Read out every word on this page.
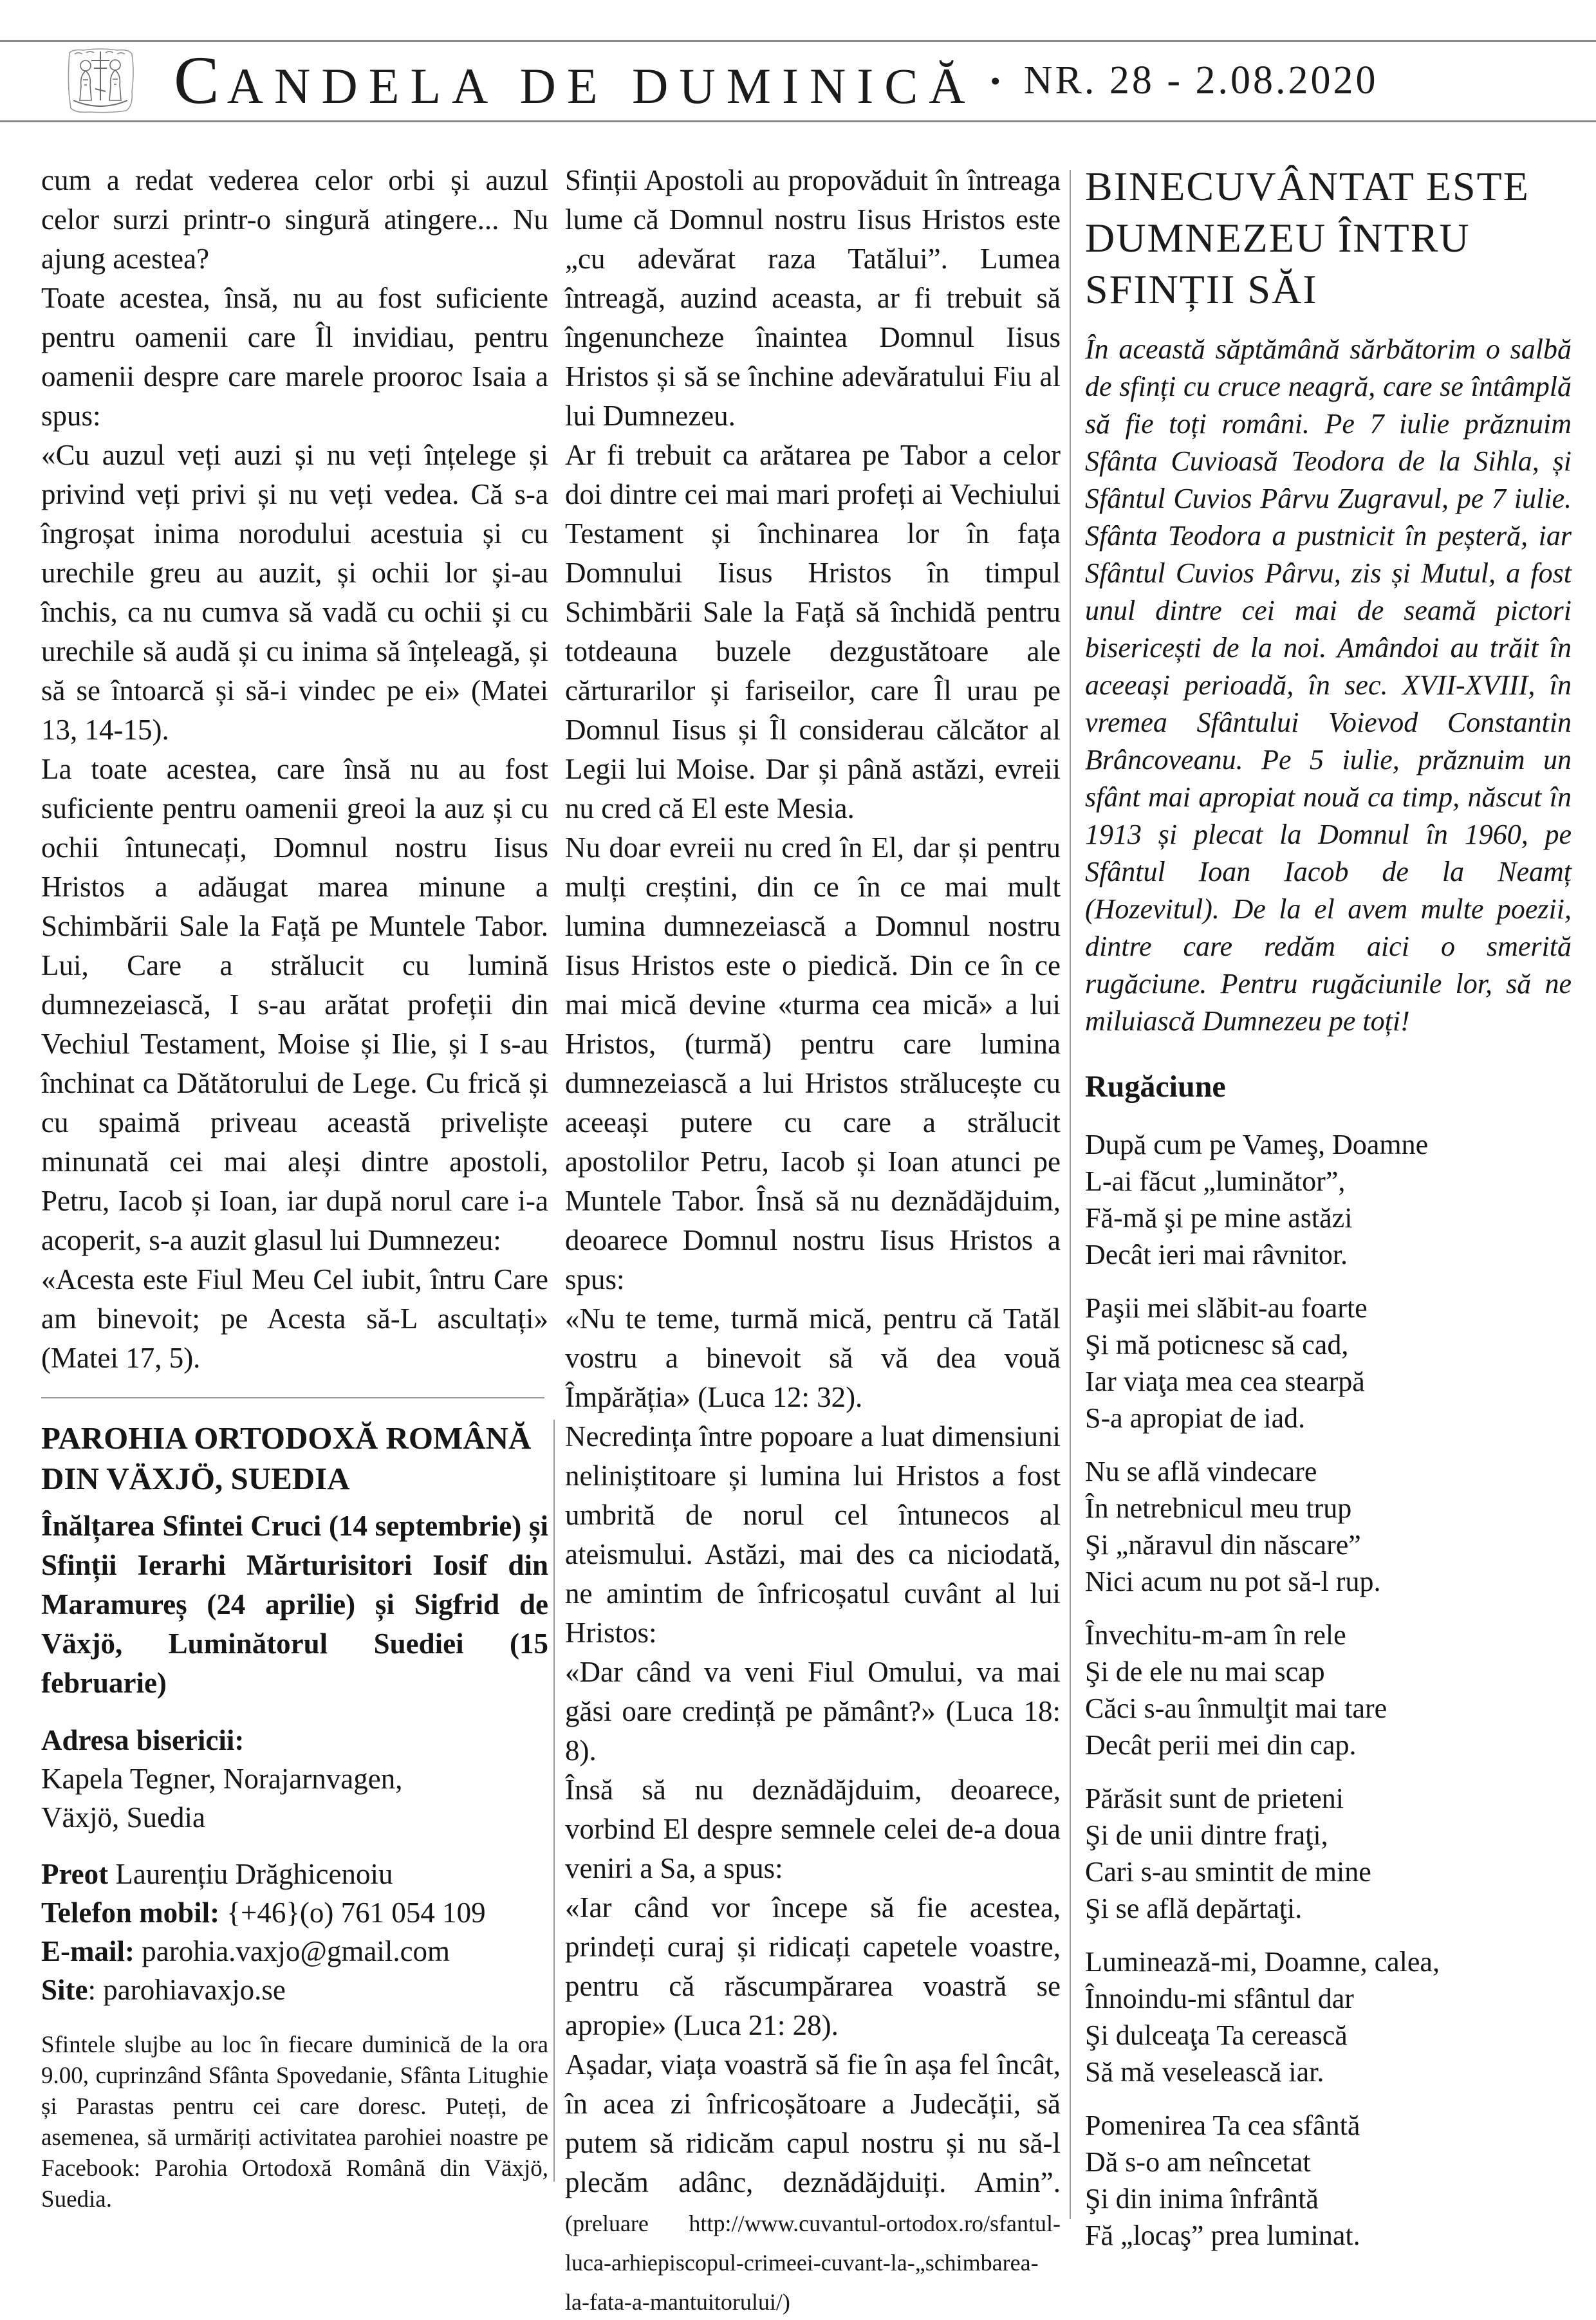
CANDELA DE DUMINICĂ • NR. 28 - 2.08.2020

cum a redat vederea celor orbi și auzul celor surzi printr-o singură atingere... Nu ajung acestea?

Toate acestea, însă, nu au fost suficiente pentru oamenii care Îl invidiau, pentru oamenii despre care marele prooroc Isaia a spus:

«Cu auzul veți auzi și nu veți înțelege și privind veți privi și nu veți vedea. Că s-a îngroșat inima norodului acestuia și cu urechile greu au auzit, și ochii lor și-au închis, ca nu cumva să vadă cu ochii și cu urechile să audă și cu inima să înțeleagă, și să se întoarcă și să-i vindec pe ei» (Matei 13, 14-15).

La toate acestea, care însă nu au fost suficiente pentru oamenii greoi la auz și cu ochii întunecați, Domnul nostru Iisus Hristos a adăugat marea minune a Schimbării Sale la Față pe Muntele Tabor. Lui, Care a strălucit cu lumină dumnezeiască, I s-au arătat profeții din Vechiul Testament, Moise și Ilie, și I s-au închinat ca Dătătorului de Lege. Cu frică și cu spaimă priveau această priveliște minunată cei mai aleși dintre apostoli, Petru, Iacob și Ioan, iar după norul care i-a acoperit, s-a auzit glasul lui Dumnezeu:

«Acesta este Fiul Meu Cel iubit, întru Care am binevoit; pe Acesta să-L ascultați» (Matei 17, 5).

PAROHIA ORTODOXĂ ROMÂNĂ DIN VÄXJÖ, SUEDIA
Înălțarea Sfintei Cruci (14 septembrie) și Sfinții Ierarhi Mărturisitori Iosif din Maramureș (24 aprilie) și Sigfrid de Växjö, Luminătorul Suediei (15 februarie)
Adresa bisericii:
Kapela Tegner, Norajarnvagen,
Växjö, Suedia
Preot Laurențiu Drăghicenoiu
Telefon mobil: {+46}(o) 761 054 109
E-mail: parohia.vaxjo@gmail.com
Site: parohiavaxjo.se
Sfintele slujbe au loc în fiecare duminică de la ora 9.00, cuprinzând Sfânta Spovedanie, Sfânta Litughie și Parastas pentru cei care doresc. Puteți, de asemenea, să urmăriți activitatea parohiei noastre pe Facebook: Parohia Ortodoxă Română din Växjö, Suedia.

Sfinții Apostoli au propovăduit în întreaga lume că Domnul nostru Iisus Hristos este „cu adevărat raza Tatălui”. Lumea întreagă, auzind aceasta, ar fi trebuit să îngenuncheze înaintea Domnul Iisus Hristos și să se închine adevăratului Fiu al lui Dumnezeu.

Ar fi trebuit ca arătarea pe Tabor a celor doi dintre cei mai mari profeți ai Vechiului Testament și închinarea lor în fața Domnului Iisus Hristos în timpul Schimbării Sale la Față să închidă pentru totdeauna buzele dezgustătoare ale cărturarilor și fariseilor, care Îl urau pe Domnul Iisus și Îl considerau călcător al Legii lui Moise. Dar și până astăzi, evreii nu cred că El este Mesia.

Nu doar evreii nu cred în El, dar și pentru mulți creștini, din ce în ce mai mult lumina dumnezeiască a Domnul nostru Iisus Hristos este o piedică. Din ce în ce mai mică devine «turma cea mică» a lui Hristos, (turmă) pentru care lumina dumnezeiască a lui Hristos strălucește cu aceeași putere cu care a strălucit apostolilor Petru, Iacob și Ioan atunci pe Muntele Tabor. Însă să nu deznădăjduim, deoarece Domnul nostru Iisus Hristos a spus:

«Nu te teme, turmă mică, pentru că Tatăl vostru a binevoit să vă dea vouă Împărăția» (Luca 12: 32).

Necredința între popoare a luat dimensiuni neliniștitoare și lumina lui Hristos a fost umbrită de norul cel întunecos al ateismului. Astăzi, mai des ca niciodată, ne amintim de înfricoșatul cuvânt al lui Hristos:

«Dar când va veni Fiul Omului, va mai găsi oare credință pe pământ?» (Luca 18: 8).

Însă să nu deznădăjduim, deoarece, vorbind El despre semnele celei de-a doua veniri a Sa, a spus:

«Iar când vor începe să fie acestea, prindeți curaj și ridicați capetele voastre, pentru că răscumpărarea voastră se apropie» (Luca 21: 28).

Așadar, viața voastră să fie în așa fel încât, în acea zi înfricoșătoare a Judecății, să putem să ridicăm capul nostru și nu să-l plecăm adânc, deznădăjduiți. Amin”. (preluare http://www.cuvantul-ortodox.ro/sfantul-luca-arhiepiscopul-crimeei-cuvant-la-„schimbarea-la-fata-a-mantuitorului/)

BINECUVÂNTAT ESTE
DUMNEZEU ÎNTRU
SFINȚII SĂI
În această săptămână sărbătorim o salbă de sfinți cu cruce neagră, care se întâmplă să fie toți români. Pe 7 iulie prăznuim Sfânta Cuvioasă Teodora de la Sihla, și Sfântul Cuvios Pârvu Zugravul, pe 7 iulie. Sfânta Teodora a pustnicit în peșteră, iar Sfântul Cuvios Pârvu, zis și Mutul, a fost unul dintre cei mai de seamă pictori bisericești de la noi. Amândoi au trăit în aceeași perioadă, în sec. XVII-XVIII, în vremea Sfântului Voievod Constantin Brâncoveanu. Pe 5 iulie, prăznuim un sfânt mai apropiat nouă ca timp, născut în 1913 și plecat la Domnul în 1960, pe Sfântul Ioan Iacob de la Neamț (Hozevitul). De la el avem multe poezii, dintre care redăm aici o smerită rugăciune. Pentru rugăciunile lor, să ne miluiască Dumnezeu pe toți!
Rugăciune
După cum pe Vameş, Doamne
L-ai făcut „luminător”,
Fă-mă şi pe mine astăzi
Decât ieri mai râvnitor.
Paşii mei slăbit-au foarte
Şi mă poticnesc să cad,
Iar viaţa mea cea stearpă
S-a apropiat de iad.
Nu se află vindecare
În netrebnicul meu trup
Şi „năravul din născare”
Nici acum nu pot să-l rup.
Învechitu-m-am în rele
Şi de ele nu mai scap
Căci s-au înmulţit mai tare
Decât perii mei din cap.
Părăsit sunt de prieteni
Şi de unii dintre fraţi,
Cari s-au smintit de mine
Şi se află depărtaţi.
Luminează-mi, Doamne, calea,
Înnoindu-mi sfântul dar
Şi dulceaţa Ta cerească
Să mă veselească iar.
Pomenirea Ta cea sfântă
Dă s-o am neîncetat
Şi din inima înfrântă
Fă „locaş” prea luminat.
